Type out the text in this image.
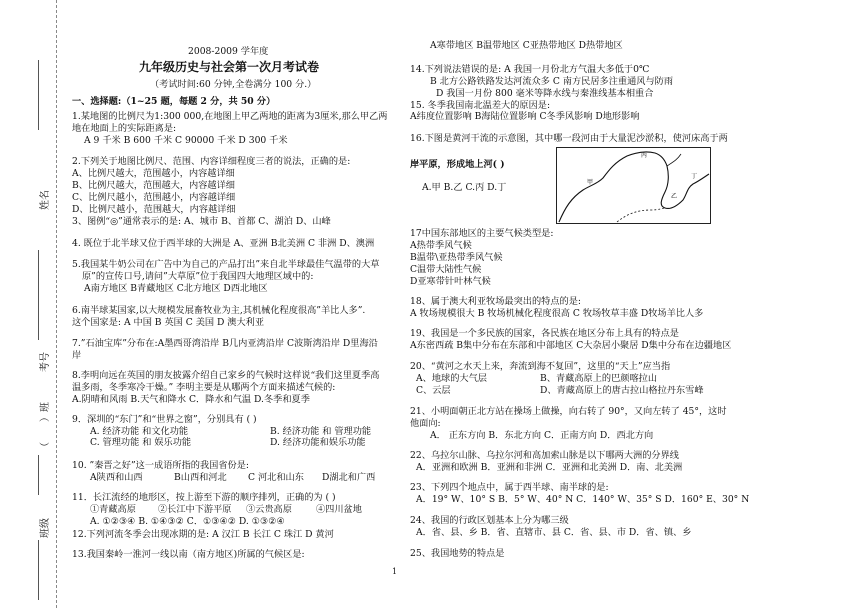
姓名
考号
（　　）班
班级
2008-2009 学年度
九年级历史与社会第一次月考试卷
（考试时间:60 分钟,全卷满分 100 分.）
一、选择题:（1~25 题，每题 2 分，共 50 分）
1.某地图的比例尺为1:300 000,在地图上甲乙两地的距离为3厘米,那么甲乙两
地在地面上的实际距离是:
A 9 千米 B 600 千米 C 90000 千米 D 300 千米
2.下列关于地图比例尺、范围、内容详细程度三者的说法，正确的是:
A、比例尺越大，范围越小，内容越详细
B、比例尺越大，范围越大，内容越详细
C、比例尺越小，范围越小，内容越详细
D、比例尺越小，范围越大，内容越详细
3、图例“◎”通常表示的是: A、城市 B、首都 C、湖泊 D、山峰
4. 既位于北半球又位于西半球的大洲是 A、亚洲 B北美洲 C 非洲 D、澳洲
5.我国某牛奶公司在广告中为自己的产品打出”来自北半球最佳气温带的大草
原”的宣传口号,请问”大草原”位于我国四大地理区域中的:
A南方地区 B青藏地区 C北方地区 D西北地区
6.南半球某国家,以大规模发展畜牧业为主,其机械化程度很高”羊比人多”.
这个国家是: A 中国 B 英国 C 美国 D 澳大利亚
7.”石油宝库”分布在:A墨西哥湾沿岸 B几内亚湾沿岸 C波斯湾沿岸 D里海沿
岸
8.李明向远在英国的朋友披露介绍自己家乡的气候时这样说“我们这里夏季高
温多雨，冬季寒冷干燥。” 李明主要是从哪两个方面来描述气候的:
A.阴晴和风雨 B.天气和降水 C．降水和气温 D.冬季和夏季
9．深圳的“东门”和“世界之窗”，分别具有 ( )
A. 经济功能 和文化功能	B. 经济功能 和 管理功能
C. 管理功能 和 娱乐功能	D. 经济功能和娱乐功能
10. ”秦晋之好”这一成语所指的我国省份是:
A陕西和山西	B山西和河北 C 河北和山东 D湖北和广西
11．长江流经的地形区，按上游至下游的顺序排列，正确的为 ( )
①青藏高原 ②长江中下游平原 ③云贵高原	④四川盆地
A. ①②③④ B. ①④③② C．①③④② D. ①③②④
12.下列河流冬季会出现冰期的是: A 汉江 B 长江 C 珠江 D 黄河
13.我国秦岭一淮河一线以南（南方地区)所属的气候区是:
A寒带地区 B温带地区 C亚热带地区 D热带地区
14.下列说法错误的是: A 我国一月份北方气温大多低于0℃
B 北方公路铁路发达河流众多 C 南方民居多注重通风与防雨
D 我国一月份 800 毫米等降水线与秦淮线基本相重合
15. 冬季我国南北温差大的原因是:
A纬度位置影响 B海陆位置影响 C冬季风影响 D地形影响
16.下图是黄河干流的示意图，其中哪一段河由于大量泥沙淤积，使河床高于两
岸平原，形成地上河( )
A.甲 B.乙 C.丙 D.丁	甲
丙
乙
丁
17中国东部地区的主要气候类型是:
A热带季风气候
B温带\亚热带季风气候
C温带大陆性气候
D亚寒带针叶林气候
18、属于澳大利亚牧场最突出的特点的是:
A 牧场规模很大 B 牧场机械化程度很高 C 牧场牧草丰盛 D牧场羊比人多
19、我国是一个多民族的国家，各民族在地区分布上具有的特点是
A东密西疏 B集中分布在东部和中部地区 C大杂居小聚居 D集中分布在边疆地区
20、“黄河之水天上来，奔流到海不复回”，这里的“天上”应当指
A、地球的大气层	B、青藏高原上的巴颜喀拉山
C、云层	D、青藏高原上的唐古拉山格拉丹东雪峰
21、小明面朝正北方站在操场上做操，向右转了 90°，又向左转了 45°，这时
他面向:
A． 正东方向 B．东北方向 C．正南方向 D．西北方向
22、乌拉尔山脉、乌拉尔河和高加索山脉是以下哪两大洲的分界线
A．亚洲和欧洲 B．亚洲和非洲 C．亚洲和北美洲 D．南、北美洲
23、下列四个地点中，属于西半球、南半球的是:
A．19° W、10° S B．5° W、40° N C．140° W、35° S D．160° E、30° N
24、我国的行政区划基本上分为哪三级
A．省、县、乡 B．省、直辖市、县 C．省、县、市 D．省、镇、乡
25、我国地势的特点是
1
